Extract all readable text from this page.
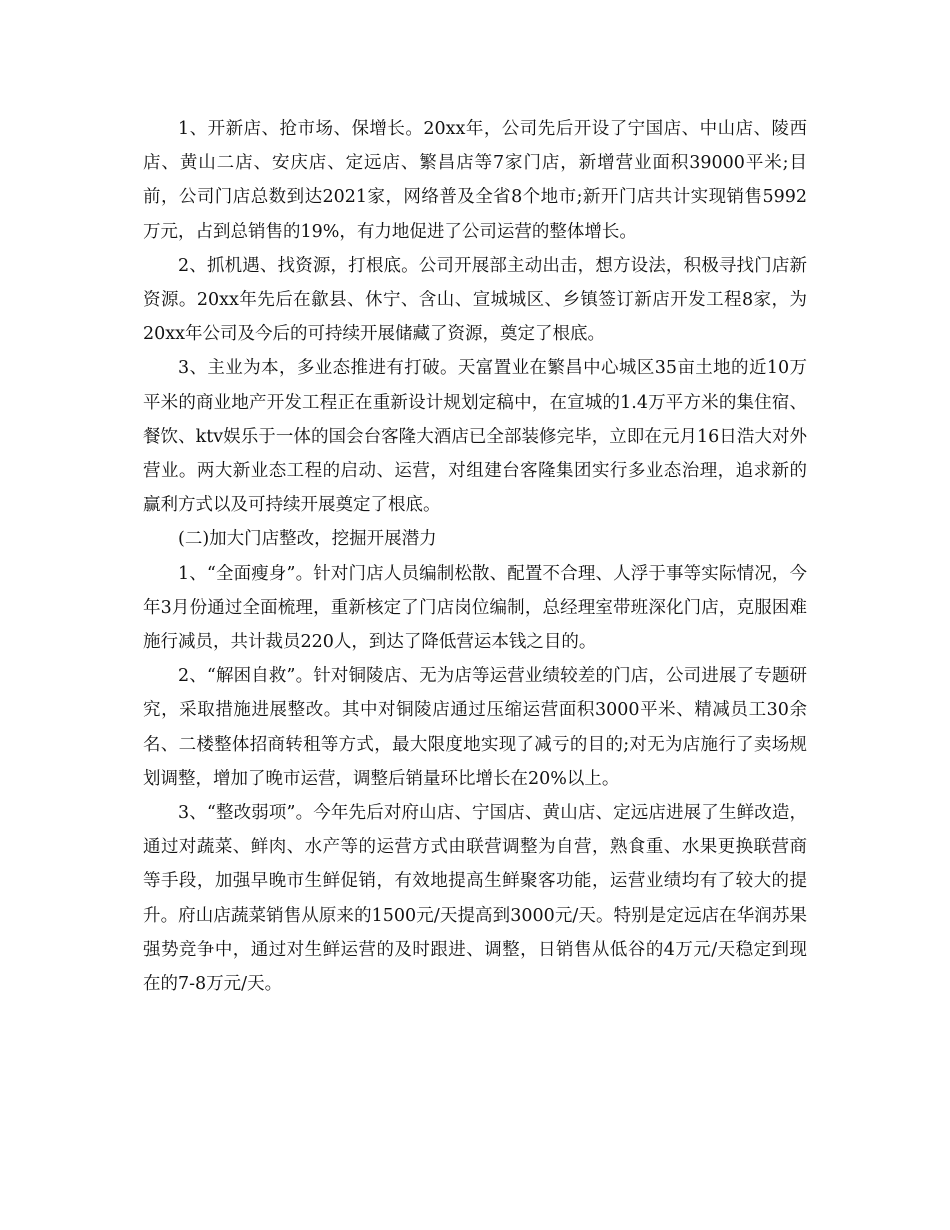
1、开新店、抢市场、保增长。20xx年，公司先后开设了宁国店、中山店、陵西店、黄山二店、安庆店、定远店、繁昌店等7家门店，新增营业面积39000平米;目前，公司门店总数到达2021家，网络普及全省8个地市;新开门店共计实现销售5992万元，占到总销售的19%，有力地促进了公司运营的整体增长。

2、抓机遇、找资源，打根底。公司开展部主动出击，想方设法，积极寻找门店新资源。20xx年先后在歙县、休宁、含山、宣城城区、乡镇签订新店开发工程8家，为20xx年公司及今后的可持续开展储藏了资源，奠定了根底。

3、主业为本，多业态推进有打破。天富置业在繁昌中心城区35亩土地的近10万平米的商业地产开发工程正在重新设计规划定稿中，在宣城的1.4万平方米的集住宿、餐饮、ktv娱乐于一体的国会台客隆大酒店已全部装修完毕，立即在元月16日浩大对外营业。两大新业态工程的启动、运营，对组建台客隆集团实行多业态治理，追求新的赢利方式以及可持续开展奠定了根底。

(二)加大门店整改，挖掘开展潜力

1、“全面瘦身”。针对门店人员编制松散、配置不合理、人浮于事等实际情况，今年3月份通过全面梳理，重新核定了门店岗位编制，总经理室带班深化门店，克服困难施行减员，共计裁员220人，到达了降低营运本钱之目的。

2、“解困自救”。针对铜陵店、无为店等运营业绩较差的门店，公司进展了专题研究，采取措施进展整改。其中对铜陵店通过压缩运营面积3000平米、精减员工30余名、二楼整体招商转租等方式，最大限度地实现了减亏的目的;对无为店施行了卖场规划调整，增加了晚市运营，调整后销量环比增长在20%以上。

3、“整改弱项”。今年先后对府山店、宁国店、黄山店、定远店进展了生鲜改造，通过对蔬菜、鲜肉、水产等的运营方式由联营调整为自营，熟食重、水果更换联营商等手段，加强早晚市生鲜促销，有效地提高生鲜聚客功能，运营业绩均有了较大的提升。府山店蔬菜销售从原来的1500元/天提高到3000元/天。特别是定远店在华润苏果强势竞争中，通过对生鲜运营的及时跟进、调整，日销售从低谷的4万元/天稳定到现在的7-8万元/天。
